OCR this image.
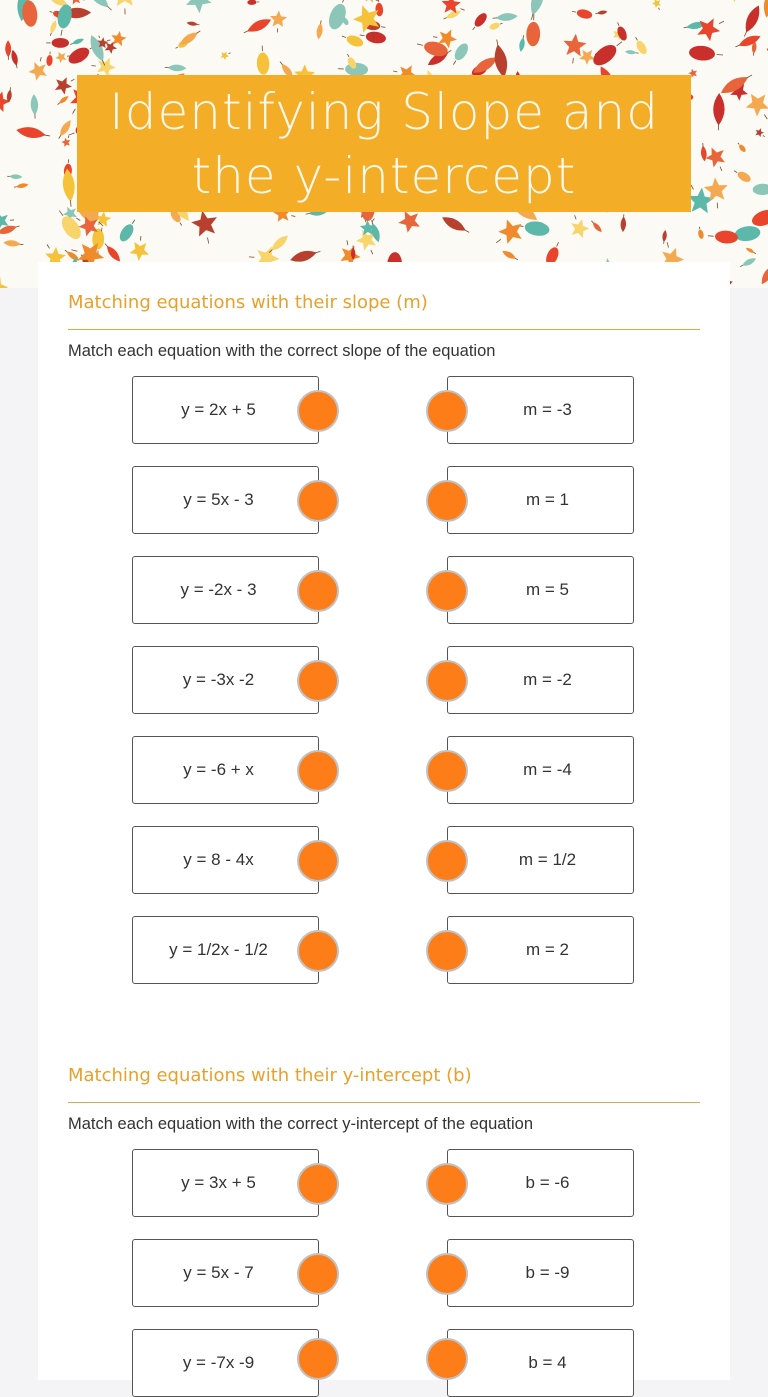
Identifying Slope and the y-intercept
Matching equations with their slope (m)
Match each equation with the correct slope of the equation
y = 2x + 5
y = 5x - 3
y = -2x - 3
y = -3x -2
y = -6 + x
y = 8 - 4x
y = 1/2x - 1/2
m = -3
m = 1
m = 5
m = -2
m = -4
m = 1/2
m = 2
Matching equations with their y-intercept (b)
Match each equation with the correct y-intercept of the equation
y = 3x + 5
y = 5x - 7
y = -7x -9
b = -6
b = -9
b = 4
